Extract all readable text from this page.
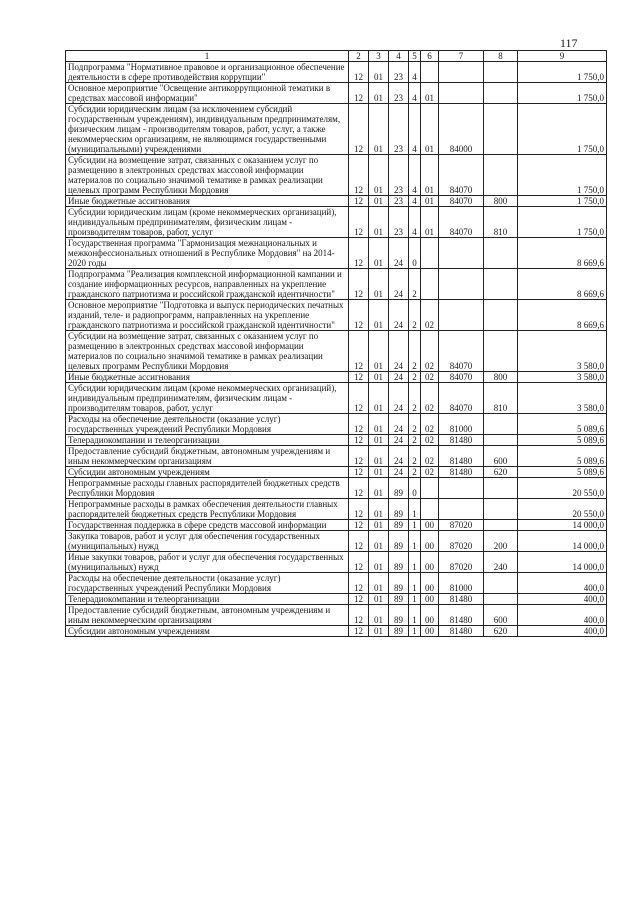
117
1	2	3	4	5	6	7	8	9
Подпрограмма "Нормативное правовое и организационное обеспечение деятельности в сфере противодействия коррупции"	12	01	23	4				1 750,0
Основное мероприятие "Освещение антикоррупционной тематики в средствах массовой информации"	12	01	23	4	01			1 750,0
Субсидии юридическим лицам (за исключением субсидий государственным учреждениям), индивидуальным предпринимателям, физическим лицам - производителям товаров, работ, услуг, а также некоммерческим организациям, не являющимся государственными (муниципальными) учреждениями	12	01	23	4	01	84000		1 750,0
Субсидии на возмещение затрат, связанных с оказанием услуг по размещению в электронных средствах массовой информации материалов по социально значимой тематике в рамках реализации целевых программ Республики Мордовия	12	01	23	4	01	84070		1 750,0
Иные бюджетные ассигнования	12	01	23	4	01	84070	800	1 750,0
Субсидии юридическим лицам (кроме некоммерческих организаций), индивидуальным предпринимателям, физическим лицам - производителям товаров, работ, услуг	12	01	23	4	01	84070	810	1 750,0
Государственная программа "Гармонизация межнациональных и межконфессиональных отношений в Республике Мордовия" на 2014-2020 годы	12	01	24	0				8 669,6
Подпрограмма "Реализация комплексной информационной кампании и создание информационных ресурсов, направленных на укрепление гражданского патриотизма и российской гражданской идентичности"	12	01	24	2				8 669,6
Основное мероприятие "Подготовка и выпуск периодических печатных изданий, теле- и радиопрограмм, направленных на укрепление гражданского патриотизма и российской гражданской идентичности"	12	01	24	2	02			8 669,6
Субсидии на возмещение затрат, связанных с оказанием услуг по размещению в электронных средствах массовой информации материалов по социально значимой тематике в рамках реализации целевых программ Республики Мордовия	12	01	24	2	02	84070		3 580,0
Иные бюджетные ассигнования	12	01	24	2	02	84070	800	3 580,0
Субсидии юридическим лицам (кроме некоммерческих организаций), индивидуальным предпринимателям, физическим лицам - производителям товаров, работ, услуг	12	01	24	2	02	84070	810	3 580,0
Расходы на обеспечение деятельности (оказание услуг) государственных учреждений Республики Мордовия	12	01	24	2	02	81000		5 089,6
Телерадиокомпании и телеорганизации	12	01	24	2	02	81480		5 089,6
Предоставление субсидий бюджетным, автономным учреждениям и иным некоммерческим организациям	12	01	24	2	02	81480	600	5 089,6
Субсидии автономным учреждениям	12	01	24	2	02	81480	620	5 089,6
Непрограммные расходы главных распорядителей бюджетных средств Республики Мордовия	12	01	89	0				20 550,0
Непрограммные расходы в рамках обеспечения деятельности главных распорядителей бюджетных средств Республики Мордовия	12	01	89	1				20 550,0
Государственная поддержка в сфере средств массовой информации	12	01	89	1	00	87020		14 000,0
Закупка товаров, работ и услуг для обеспечения государственных (муниципальных) нужд	12	01	89	1	00	87020	200	14 000,0
Иные закупки товаров, работ и услуг для обеспечения государственных (муниципальных) нужд	12	01	89	1	00	87020	240	14 000,0
Расходы на обеспечение деятельности (оказание услуг) государственных учреждений Республики Мордовия	12	01	89	1	00	81000		400,0
Телерадиокомпании и телеорганизации	12	01	89	1	00	81480		400,0
Предоставление субсидий бюджетным, автономным учреждениям и иным некоммерческим организациям	12	01	89	1	00	81480	600	400,0
Субсидии автономным учреждениям	12	01	89	1	00	81480	620	400,0
